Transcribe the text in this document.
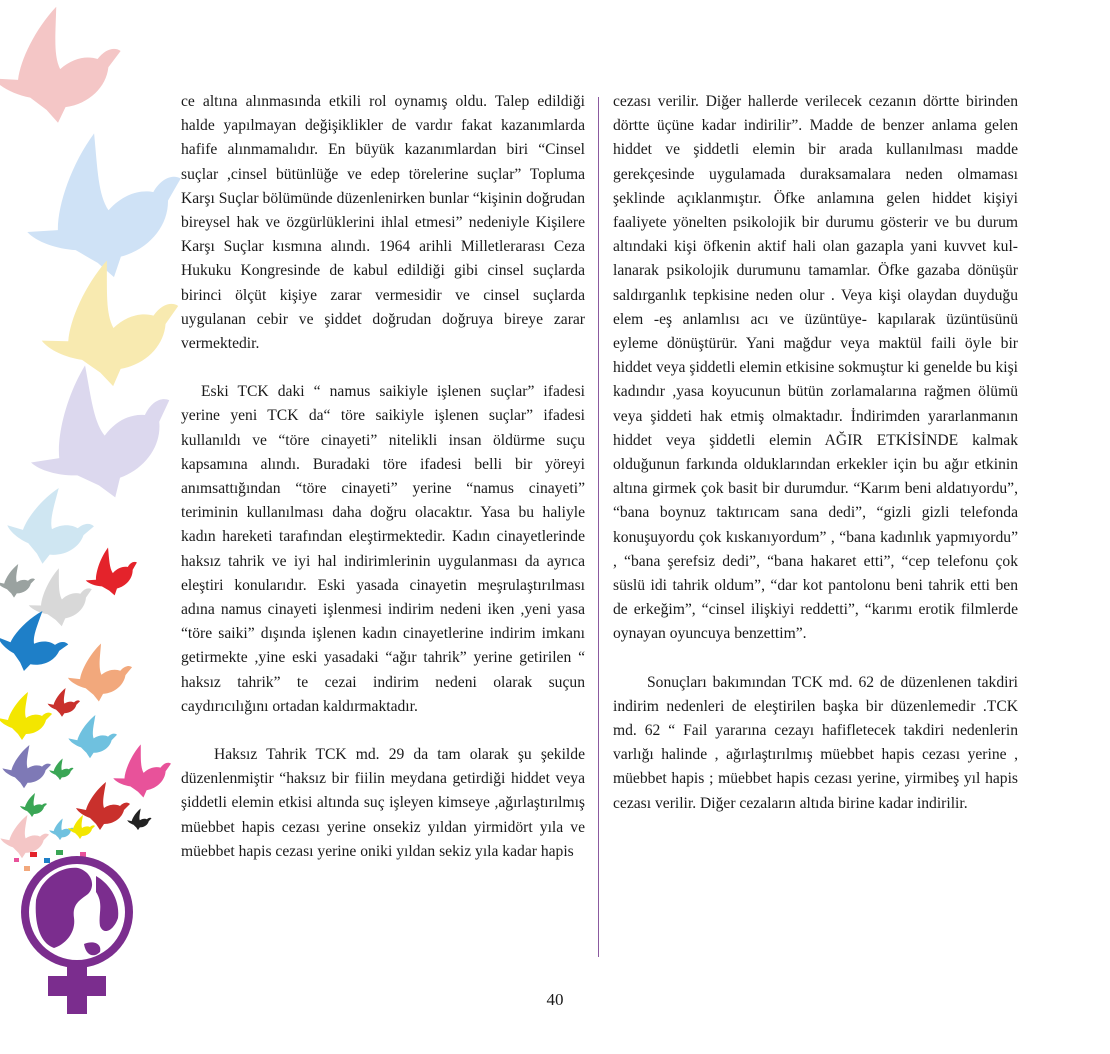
ce altına alınmasında etkili rol oynamış oldu. Talep edildiği halde yapılmayan değişiklikler de vardır fakat kazanımlarda hafife alınmamalıdır. En büyük kazanımlardan biri “Cinsel suçlar ,cinsel bütünlüğe ve edep törelerine suçlar” Topluma Karşı Suçlar bölümünde düzenlenirken bunlar “kişinin doğrudan bireysel hak ve özgürlüklerini ihlal etmesi” nedeniyle Kişilere Karşı Suçlar kısmına alındı. 1964 arihli Milletlerarası Ceza Hukuku Kongresinde de kabul edildiği gibi cinsel suçlarda birinci ölçüt kişiye zarar vermesidir ve cinsel suçlarda uygulanan cebir ve şiddet doğrudan doğruya bireye zarar vermektedir.

Eski TCK daki “ namus saikiyle işlenen suçlar” ifadesi yerine yeni TCK da“ töre saikiyle işlenen suçlar” ifadesi kullanıldı ve “töre cinayeti” nitelikli insan öldürme suçu kapsamına alındı. Buradaki töre ifadesi belli bir yöreyi anımsattığından “töre cinayeti” yerine “namus cinayeti” teriminin kullanılması daha doğru olacaktır. Yasa bu haliyle kadın hareketi tarafından eleştirmektedir. Kadın cinayetlerinde haksız tahrik ve iyi hal indirimlerinin uygulanması da ayrıca eleştiri konularıdır. Eski yasada cinayetin meşrulaştırılması adına namus cinayeti işlenmesi indirim nedeni iken ,yeni yasa “töre saiki” dışında işlenen kadın cinayetlerine indirim imkanı getirmekte ,yine eski yasadaki “ağır tahrik” yerine getirilen “ haksız tahrik” te cezai indirim nedeni olarak suçun caydırıcılığını ortadan kaldırmaktadır.

Haksız Tahrik TCK md. 29 da tam olarak şu şekilde düzenlenmiştir “haksız bir fiilin meydana getirdiği hiddet veya şiddetli elemin etkisi altında suç işleyen kimseye ,ağırlaştırılmış müebbet hapis cezası yerine onsekiz yıldan yirmidört yıla ve müebbet hapis cezası yerine oniki yıldan sekiz yıla kadar hapis

cezası verilir. Diğer hallerde verilecek cezanın dörtte birinden dörtte üçüne kadar indirilir”. Madde de benzer anlama gelen hiddet ve şiddetli elemin bir arada kullanılması madde gerekçesinde uygulamada duraksamalara neden olmaması şeklinde açıklanmıştır. Öfke anlamına gelen hiddet kişiyi faaliyete yönelten psikolojik bir durumu gösterir ve bu durum altındaki kişi öfkenin aktif hali olan gazapla yani kuvvet kullanarak psikolojik durumunu tamamlar. Öfke gazaba dönüşür saldırganlık tepkisine neden olur . Veya kişi olaydan duyduğu elem -eş anlamlısı acı ve üzüntüye- kapılarak üzüntüsünü eyleme dönüştürür. Yani mağdur veya maktül faili öyle bir hiddet veya şiddetli elemin etkisine sokmuştur ki genelde bu kişi kadındır ,yasa koyucunun bütün zorlamalarına rağmen ölümü veya şiddeti hak etmiş olmaktadır. İndirimden yararlanmanın hiddet veya şiddetli elemin AĞIR ETKİSİNDE kalmak olduğunun farkında olduklarından erkekler için bu ağır etkinin altına girmek çok basit bir durumdur. “Karım beni aldatıyordu”, “bana boynuz taktırıcam sana dedi”, “gizli gizli telefonda konuşuyordu çok kıskanıyordum” , “bana kadınlık yapmıyordu” , “bana şerefsiz dedi”, “bana hakaret etti”, “cep telefonu çok süslü idi tahrik oldum”, “dar kot pantolonu beni tahrik etti ben de erkeğim”, “cinsel ilişkiyi reddetti”, “karımı erotik filmlerde oynayan oyuncuya benzettim”.

Sonuçları bakımından TCK md. 62 de düzenlenen takdiri indirim nedenleri de eleştirilen başka bir düzenlemedir .TCK md. 62 “ Fail yararına cezayı hafifletecek takdiri nedenlerin varlığı halinde , ağırlaştırılmış müebbet hapis cezası yerine , müebbet hapis ; müebbet hapis cezası yerine, yirmibeş yıl hapis cezası verilir. Diğer cezaların altıda birine kadar indirilir.

40
